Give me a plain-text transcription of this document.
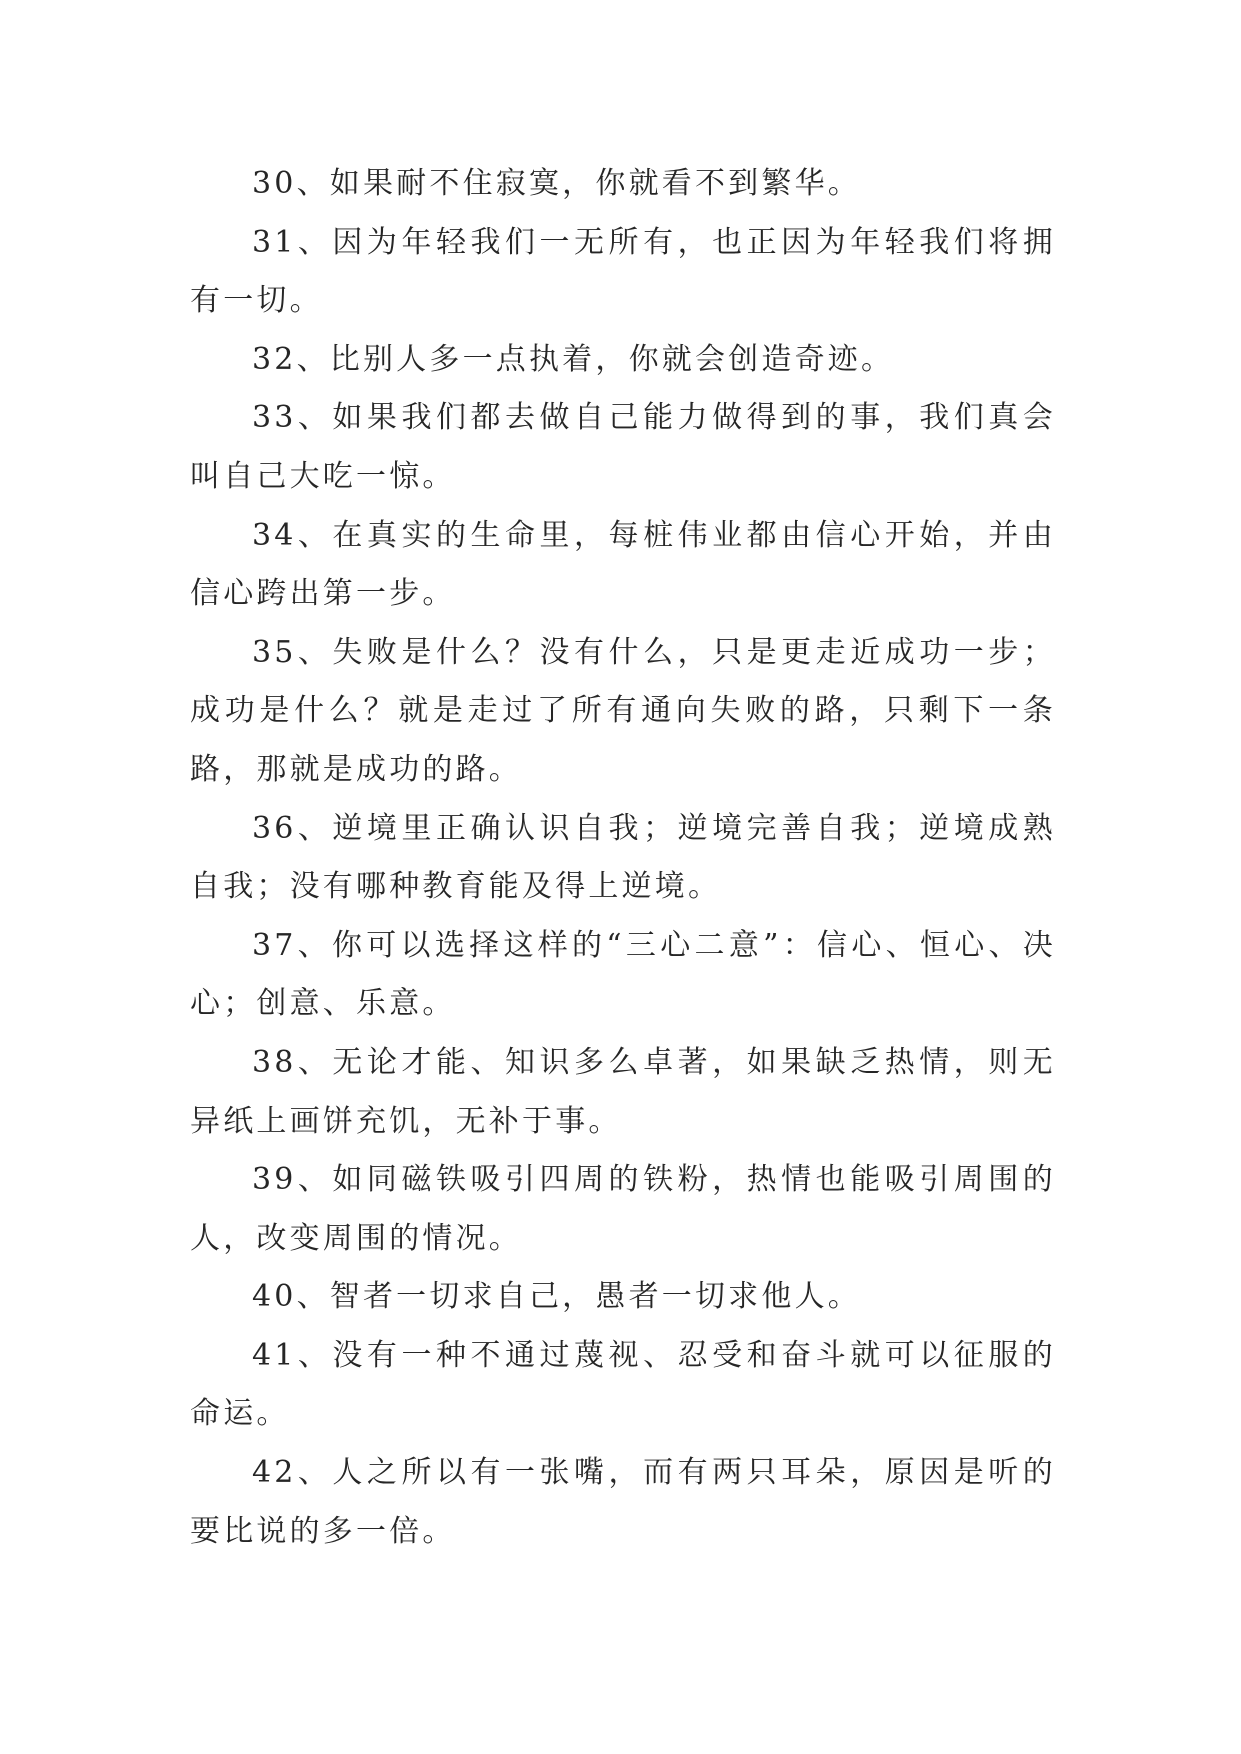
30、如果耐不住寂寞，你就看不到繁华。

31、因为年轻我们一无所有，也正因为年轻我们将拥有一切。

32、比别人多一点执着，你就会创造奇迹。

33、如果我们都去做自己能力做得到的事，我们真会叫自己大吃一惊。

34、在真实的生命里，每桩伟业都由信心开始，并由信心跨出第一步。

35、失败是什么？没有什么，只是更走近成功一步；成功是什么？就是走过了所有通向失败的路，只剩下一条路，那就是成功的路。

36、逆境里正确认识自我；逆境完善自我；逆境成熟自我；没有哪种教育能及得上逆境。

37、你可以选择这样的“三心二意”：信心、恒心、决心；创意、乐意。

38、无论才能、知识多么卓著，如果缺乏热情，则无异纸上画饼充饥，无补于事。

39、如同磁铁吸引四周的铁粉，热情也能吸引周围的人，改变周围的情况。

40、智者一切求自己，愚者一切求他人。

41、没有一种不通过蔑视、忍受和奋斗就可以征服的命运。

42、人之所以有一张嘴，而有两只耳朵，原因是听的要比说的多一倍。
